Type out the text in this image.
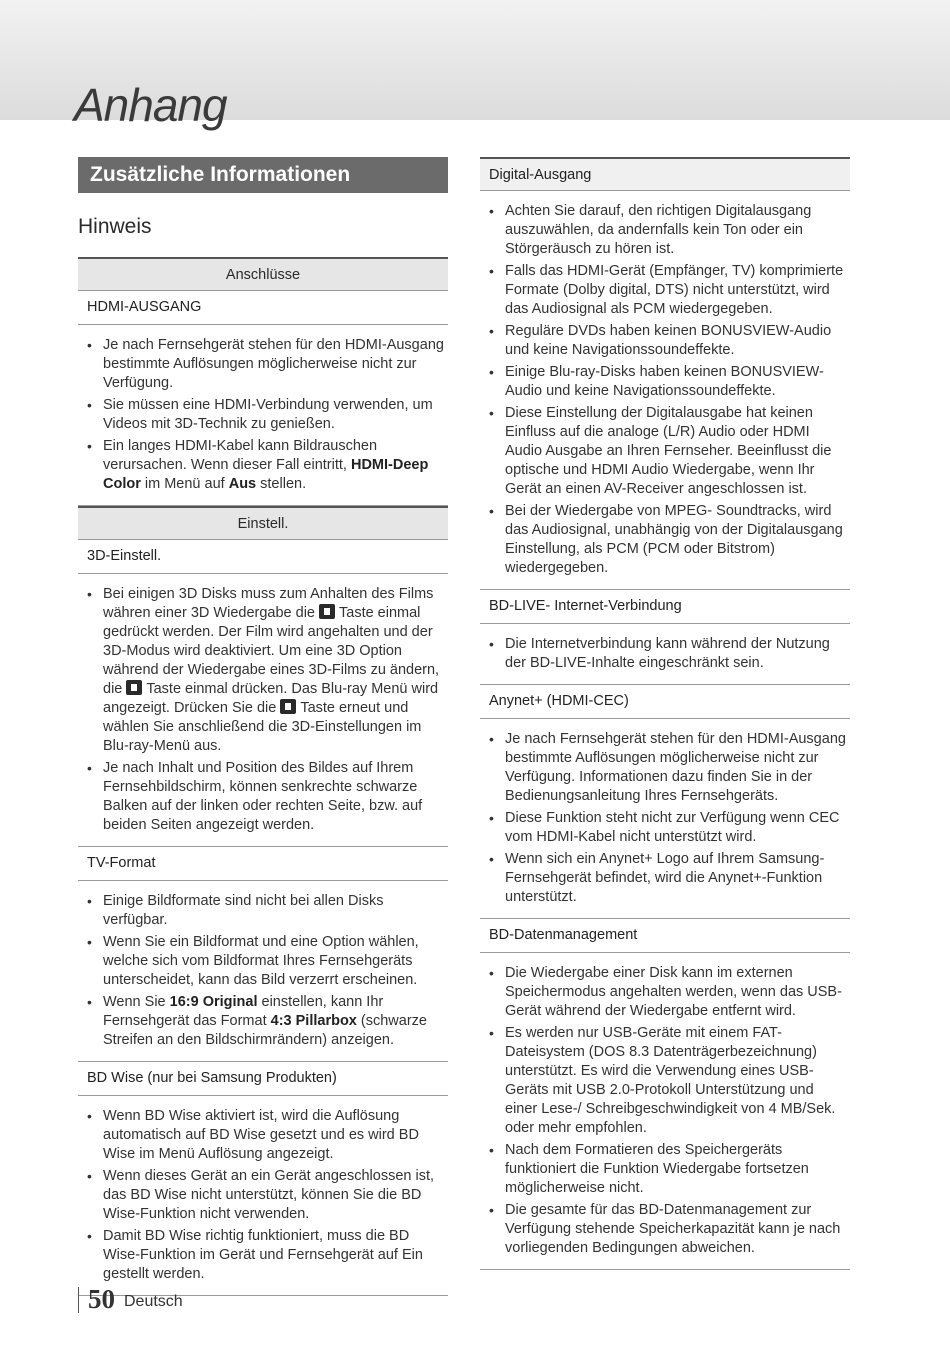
Anhang
Zusätzliche Informationen
Hinweis
Anschlüsse
HDMI-AUSGANG
• Je nach Fernsehgerät stehen für den HDMI-Ausgang bestimmte Auflösungen möglicherweise nicht zur Verfügung.
• Sie müssen eine HDMI-Verbindung verwenden, um Videos mit 3D-Technik zu genießen.
• Ein langes HDMI-Kabel kann Bildrauschen verursachen. Wenn dieser Fall eintritt, HDMI-Deep Color im Menü auf Aus stellen.
Einstell.
3D-Einstell.
• Bei einigen 3D Disks muss zum Anhalten des Films währen einer 3D Wiedergabe die Taste einmal gedrückt werden. Der Film wird angehalten und der 3D-Modus wird deaktiviert. Um eine 3D Option während der Wiedergabe eines 3D-Films zu ändern, die Taste einmal drücken. Das Blu-ray Menü wird angezeigt. Drücken Sie die Taste erneut und wählen Sie anschließend die 3D-Einstellungen im Blu-ray-Menü aus.
• Je nach Inhalt und Position des Bildes auf Ihrem Fernsehbildschirm, können senkrechte schwarze Balken auf der linken oder rechten Seite, bzw. auf beiden Seiten angezeigt werden.
TV-Format
• Einige Bildformate sind nicht bei allen Disks verfügbar.
• Wenn Sie ein Bildformat und eine Option wählen, welche sich vom Bildformat Ihres Fernsehgeräts unterscheidet, kann das Bild verzerrt erscheinen.
• Wenn Sie 16:9 Original einstellen, kann Ihr Fernsehgerät das Format 4:3 Pillarbox (schwarze Streifen an den Bildschirmrändern) anzeigen.
BD Wise (nur bei Samsung Produkten)
• Wenn BD Wise aktiviert ist, wird die Auflösung automatisch auf BD Wise gesetzt und es wird BD Wise im Menü Auflösung angezeigt.
• Wenn dieses Gerät an ein Gerät angeschlossen ist, das BD Wise nicht unterstützt, können Sie die BD Wise-Funktion nicht verwenden.
• Damit BD Wise richtig funktioniert, muss die BD Wise-Funktion im Gerät und Fernsehgerät auf Ein gestellt werden.
Digital-Ausgang
• Achten Sie darauf, den richtigen Digitalausgang auszuwählen, da andernfalls kein Ton oder ein Störgeräusch zu hören ist.
• Falls das HDMI-Gerät (Empfänger, TV) komprimierte Formate (Dolby digital, DTS) nicht unterstützt, wird das Audiosignal als PCM wiedergegeben.
• Reguläre DVDs haben keinen BONUSVIEW-Audio und keine Navigationssoundeffekte.
• Einige Blu-ray-Disks haben keinen BONUSVIEW-Audio und keine Navigationssoundeffekte.
• Diese Einstellung der Digitalausgabe hat keinen Einfluss auf die analoge (L/R) Audio oder HDMI Audio Ausgabe an Ihren Fernseher. Beeinflusst die optische und HDMI Audio Wiedergabe, wenn Ihr Gerät an einen AV-Receiver angeschlossen ist.
• Bei der Wiedergabe von MPEG- Soundtracks, wird das Audiosignal, unabhängig von der Digitalausgang Einstellung, als PCM (PCM oder Bitstrom) wiedergegeben.
BD-LIVE- Internet-Verbindung
• Die Internetverbindung kann während der Nutzung der BD-LIVE-Inhalte eingeschränkt sein.
Anynet+ (HDMI-CEC)
• Je nach Fernsehgerät stehen für den HDMI-Ausgang bestimmte Auflösungen möglicherweise nicht zur Verfügung. Informationen dazu finden Sie in der Bedienungsanleitung Ihres Fernsehgeräts.
• Diese Funktion steht nicht zur Verfügung wenn CEC vom HDMI-Kabel nicht unterstützt wird.
• Wenn sich ein Anynet+ Logo auf Ihrem Samsung-Fernsehgerät befindet, wird die Anynet+-Funktion unterstützt.
BD-Datenmanagement
• Die Wiedergabe einer Disk kann im externen Speichermodus angehalten werden, wenn das USB-Gerät während der Wiedergabe entfernt wird.
• Es werden nur USB-Geräte mit einem FAT-Dateisystem (DOS 8.3 Datenträgerbezeichnung) unterstützt. Es wird die Verwendung eines USB-Geräts mit USB 2.0-Protokoll Unterstützung und einer Lese-/ Schreibgeschwindigkeit von 4 MB/Sek. oder mehr empfohlen.
• Nach dem Formatieren des Speichergeräts funktioniert die Funktion Wiedergabe fortsetzen möglicherweise nicht.
• Die gesamte für das BD-Datenmanagement zur Verfügung stehende Speicherkapazität kann je nach vorliegenden Bedingungen abweichen.
50 Deutsch
